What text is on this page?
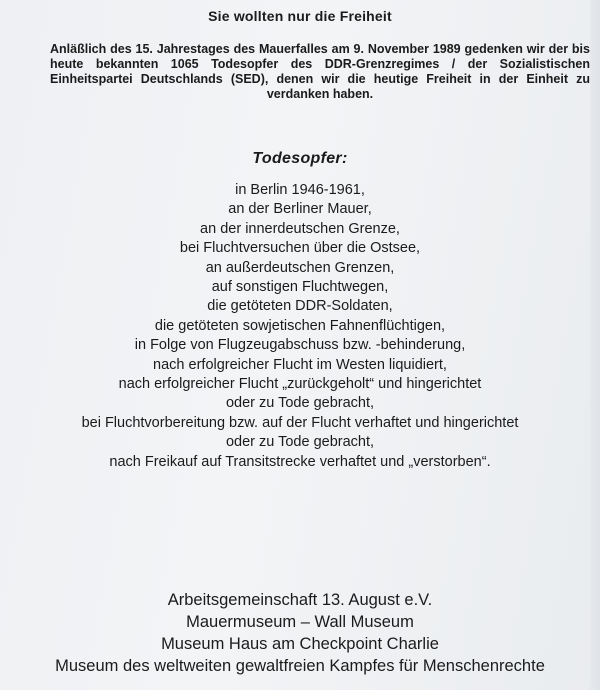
Sie wollten nur die Freiheit
Anläßlich des 15. Jahrestages des Mauerfalles am 9. November 1989 gedenken wir der bis heute bekannten 1065 Todesopfer des DDR-Grenzregimes / der Sozialistischen Einheitspartei Deutschlands (SED), denen wir die heutige Freiheit in der Einheit zu verdanken haben.
Todesopfer:
in Berlin 1946-1961,
an der Berliner Mauer,
an der innerdeutschen Grenze,
bei Fluchtversuchen über die Ostsee,
an außerdeutschen Grenzen,
auf sonstigen Fluchtwegen,
die getöteten DDR-Soldaten,
die getöteten sowjetischen Fahnenflüchtigen,
in Folge von Flugzeugabschuss bzw. -behinderung,
nach erfolgreicher Flucht im Westen liquidiert,
nach erfolgreicher Flucht „zurückgeholt“ und hingerichtet
oder zu Tode gebracht,
bei Fluchtvorbereitung bzw. auf der Flucht verhaftet und hingerichtet
oder zu Tode gebracht,
nach Freikauf auf Transitstrecke verhaftet und „verstorben“.
Arbeitsgemeinschaft 13. August e.V.
Mauermuseum – Wall Museum
Museum Haus am Checkpoint Charlie
Museum des weltweiten gewaltfreien Kampfes für Menschenrechte
